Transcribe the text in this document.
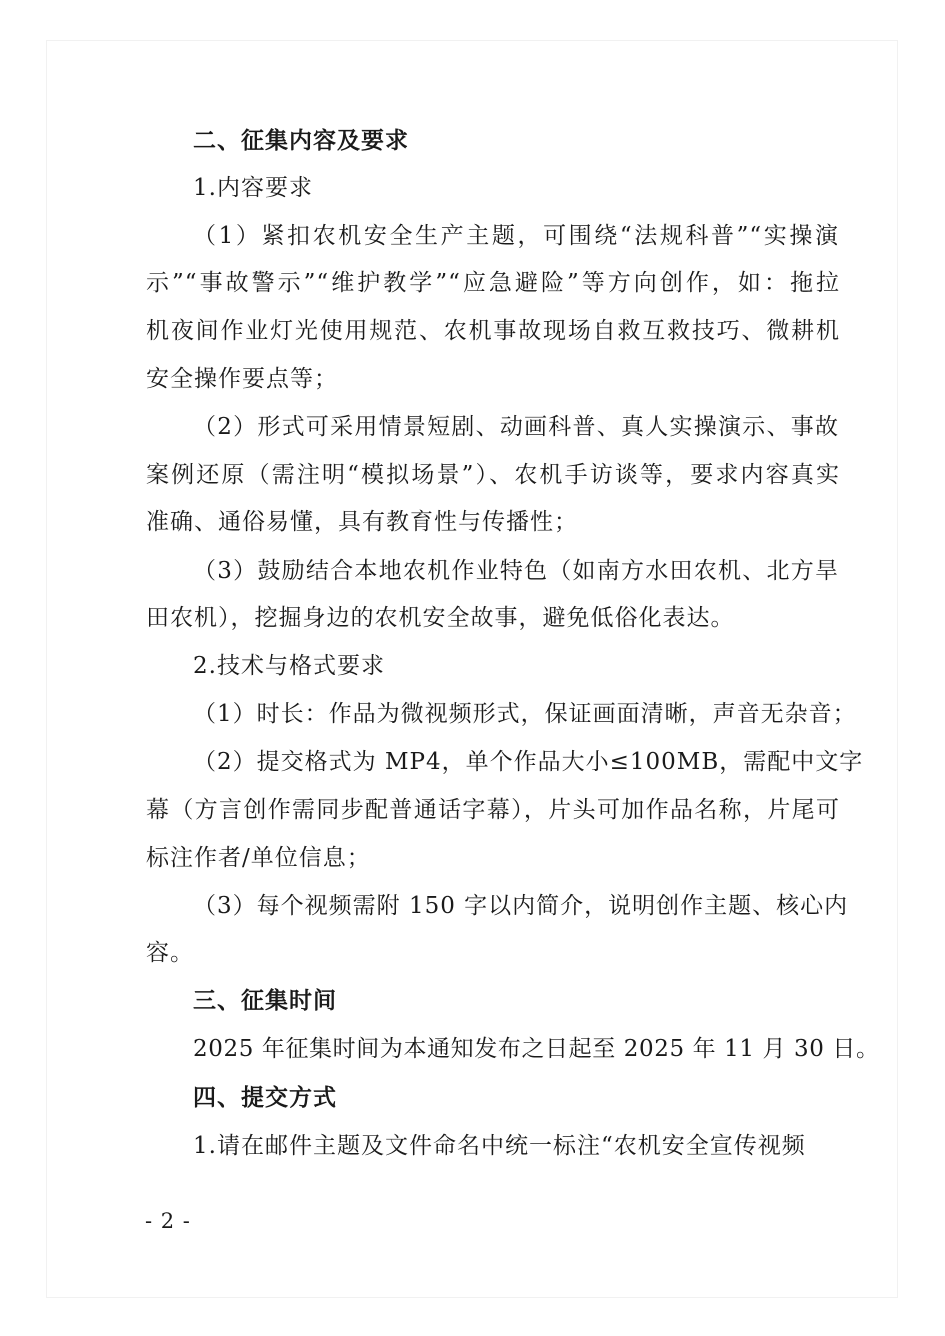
二、征集内容及要求
1.内容要求
（1）紧扣农机安全生产主题，可围绕“法规科普”“实操演
示”“事故警示”“维护教学”“应急避险”等方向创作，如：拖拉
机夜间作业灯光使用规范、农机事故现场自救互救技巧、微耕机
安全操作要点等；
（2）形式可采用情景短剧、动画科普、真人实操演示、事故
案例还原（需注明“模拟场景”）、农机手访谈等，要求内容真实
准确、通俗易懂，具有教育性与传播性；
（3）鼓励结合本地农机作业特色（如南方水田农机、北方旱
田农机），挖掘身边的农机安全故事，避免低俗化表达。
2.技术与格式要求
（1）时长：作品为微视频形式，保证画面清晰，声音无杂音；
（2）提交格式为 MP4，单个作品大小≤100MB，需配中文字
幕（方言创作需同步配普通话字幕），片头可加作品名称，片尾可
标注作者/单位信息；
（3）每个视频需附 150 字以内简介，说明创作主题、核心内
容。
三、征集时间
2025 年征集时间为本通知发布之日起至 2025 年 11 月 30 日。
四、提交方式
1.请在邮件主题及文件命名中统一标注“农机安全宣传视频
- 2 -
